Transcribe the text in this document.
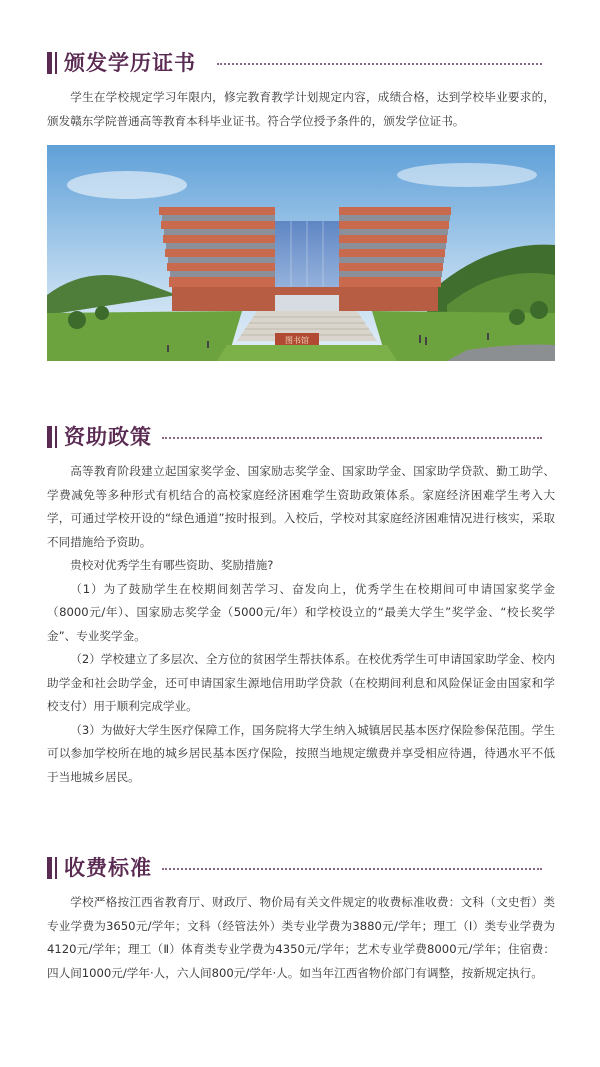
颁发学历证书
学生在学校规定学习年限内，修完教育教学计划规定内容，成绩合格，达到学校毕业要求的，颁发赣东学院普通高等教育本科毕业证书。符合学位授予条件的，颁发学位证书。
图书馆
资助政策
高等教育阶段建立起国家奖学金、国家励志奖学金、国家助学金、国家助学贷款、勤工助学、学费减免等多种形式有机结合的高校家庭经济困难学生资助政策体系。家庭经济困难学生考入大学，可通过学校开设的“绿色通道”按时报到。入校后，学校对其家庭经济困难情况进行核实，采取不同措施给予资助。
贵校对优秀学生有哪些资助、奖励措施?
（1）为了鼓励学生在校期间刻苦学习、奋发向上，优秀学生在校期间可申请国家奖学金（8000元/年）、国家励志奖学金（5000元/年）和学校设立的“最美大学生”奖学金、“校长奖学金”、专业奖学金。
（2）学校建立了多层次、全方位的贫困学生帮扶体系。在校优秀学生可申请国家助学金、校内助学金和社会助学金，还可申请国家生源地信用助学贷款（在校期间利息和风险保证金由国家和学校支付）用于顺利完成学业。
（3）为做好大学生医疗保障工作，国务院将大学生纳入城镇居民基本医疗保险参保范围。学生可以参加学校所在地的城乡居民基本医疗保险，按照当地规定缴费并享受相应待遇，待遇水平不低于当地城乡居民。
收费标准
学校严格按江西省教育厅、财政厅、物价局有关文件规定的收费标准收费：文科（文史哲）类专业学费为3650元/学年；文科（经管法外）类专业学费为3880元/学年；理工（Ⅰ）类专业学费为4120元/学年；理工（Ⅱ）体育类专业学费为4350元/学年；艺术专业学费8000元/学年；住宿费：四人间1000元/学年·人，六人间800元/学年·人。如当年江西省物价部门有调整，按新规定执行。
